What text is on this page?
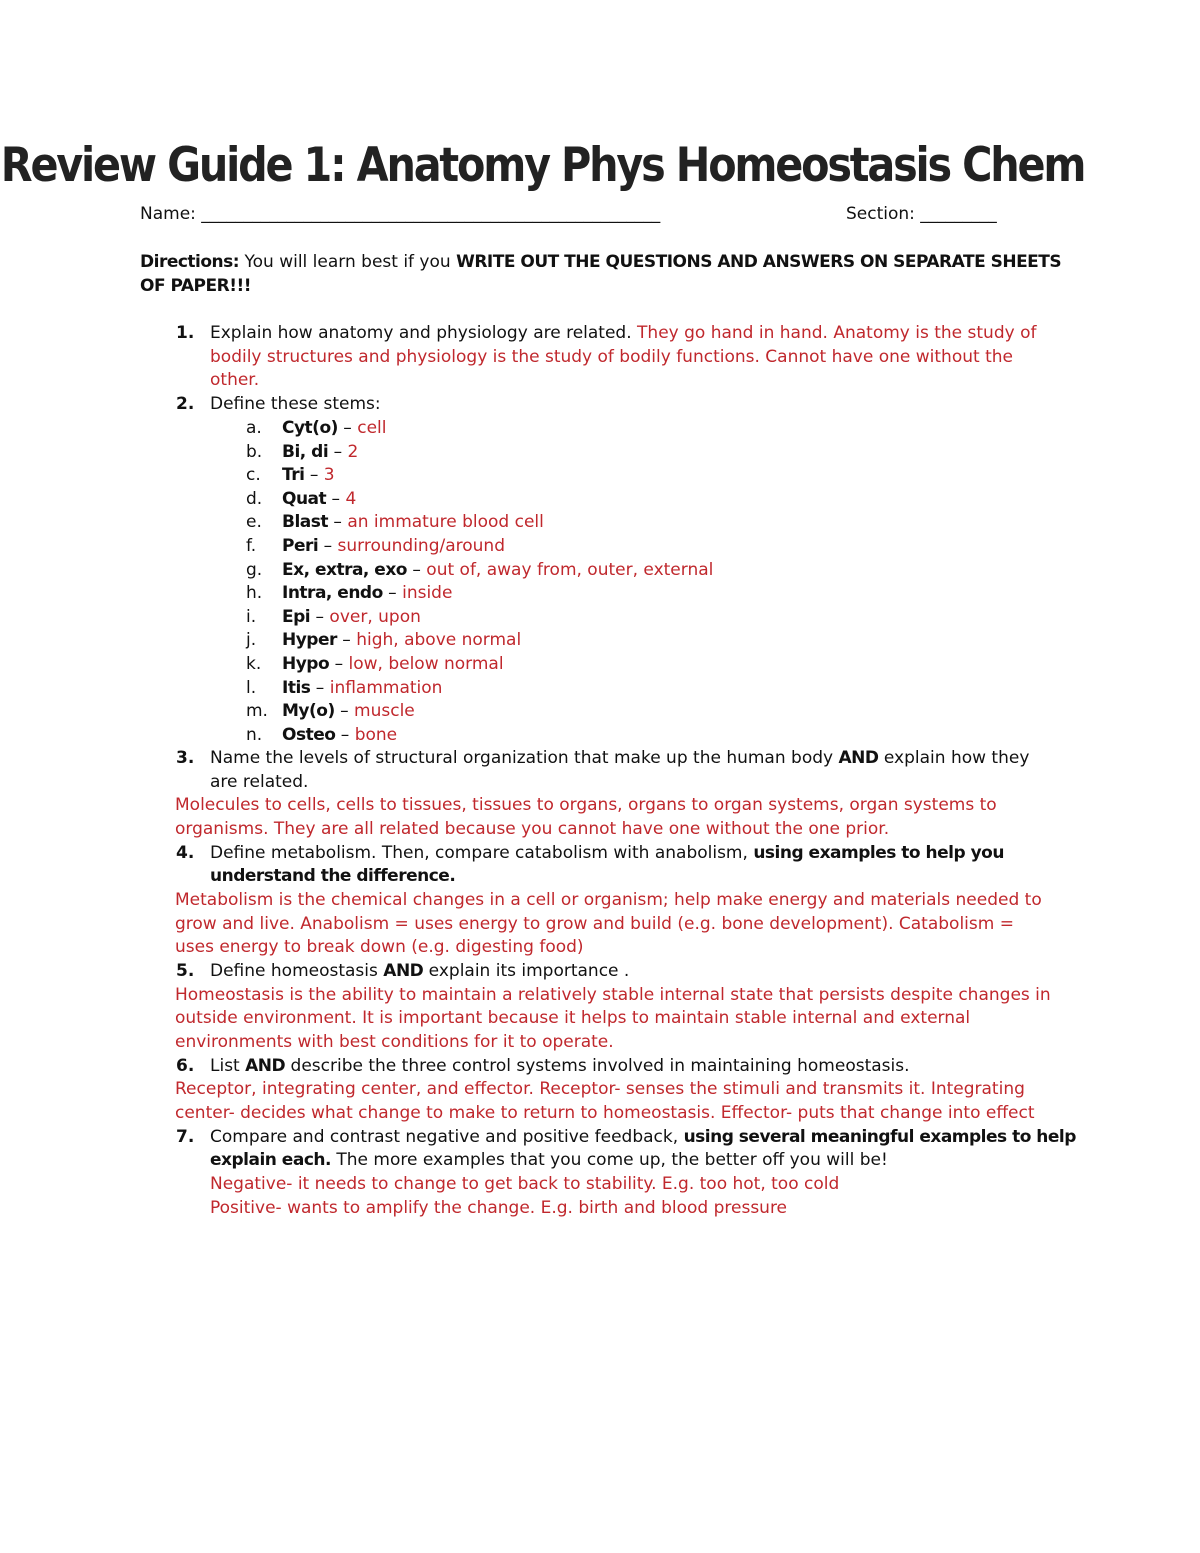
Review Guide 1: Anatomy Phys Homeostasis Chem
Name: ______________________________________________________	Section: _________
Directions: You will learn best if you WRITE OUT THE QUESTIONS AND ANSWERS ON SEPARATE SHEETS
OF PAPER!!!
1. Explain how anatomy and physiology are related. They go hand in hand. Anatomy is the study of
bodily structures and physiology is the study of bodily functions. Cannot have one without the
other.
2. Define these stems:
a. Cyt(o) – cell
b. Bi, di – 2
c. Tri – 3
d. Quat – 4
e. Blast – an immature blood cell
f. Peri – surrounding/around
g. Ex, extra, exo – out of, away from, outer, external
h. Intra, endo – inside
i. Epi – over, upon
j. Hyper – high, above normal
k. Hypo – low, below normal
l. Itis – inflammation
m. My(o) – muscle
n. Osteo – bone
3. Name the levels of structural organization that make up the human body AND explain how they
are related.
Molecules to cells, cells to tissues, tissues to organs, organs to organ systems, organ systems to
organisms. They are all related because you cannot have one without the one prior.
4. Define metabolism. Then, compare catabolism with anabolism, using examples to help you
understand the difference.
Metabolism is the chemical changes in a cell or organism; help make energy and materials needed to
grow and live. Anabolism = uses energy to grow and build (e.g. bone development). Catabolism =
uses energy to break down (e.g. digesting food)
5. Define homeostasis AND explain its importance .
Homeostasis is the ability to maintain a relatively stable internal state that persists despite changes in
outside environment. It is important because it helps to maintain stable internal and external
environments with best conditions for it to operate.
6. List AND describe the three control systems involved in maintaining homeostasis.
Receptor, integrating center, and effector. Receptor- senses the stimuli and transmits it. Integrating
center- decides what change to make to return to homeostasis. Effector- puts that change into effect
7. Compare and contrast negative and positive feedback, using several meaningful examples to help
explain each. The more examples that you come up, the better off you will be!
Negative- it needs to change to get back to stability. E.g. too hot, too cold
Positive- wants to amplify the change. E.g. birth and blood pressure
